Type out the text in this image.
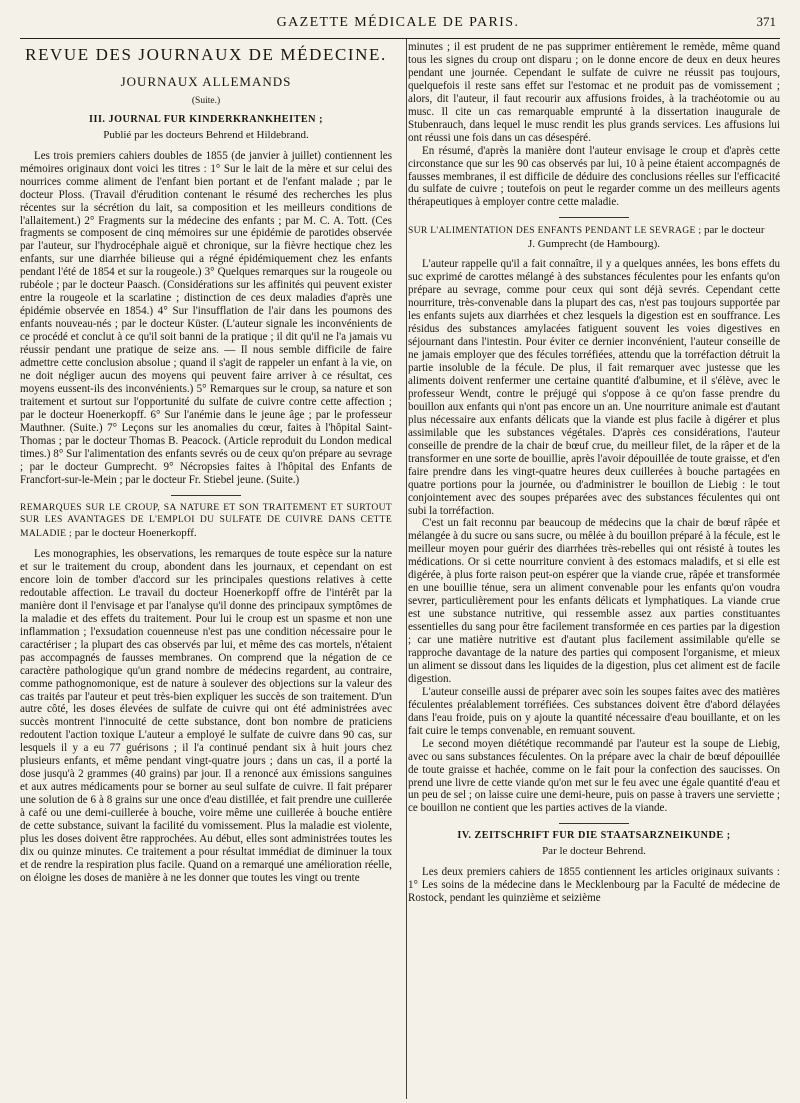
GAZETTE MÉDICALE DE PARIS.	371
REVUE DES JOURNAUX DE MÉDECINE.
JOURNAUX ALLEMANDS
(Suite.)
III. JOURNAL FUR KINDERKRANKHEITEN ;
Publié par les docteurs Behrend et Hildebrand.

Les trois premiers cahiers doubles de 1855 (de janvier à juillet) contiennent les mémoires originaux dont voici les titres : 1° Sur le lait de la mère et sur celui des nourrices comme aliment de l'enfant bien portant et de l'enfant malade ; par le docteur Ploss. (Travail d'érudition contenant le résumé des recherches les plus récentes sur la sécrétion du lait, sa composition et les meilleurs conditions de l'allaitement.) 2° Fragments sur la médecine des enfants ; par M. C. A. Tott. (Ces fragments se composent de cinq mémoires sur une épidémie de parotides observée par l'auteur, sur l'hydrocéphale aiguë et chronique, sur la fièvre hectique chez les enfants, sur une diarrhée bilieuse qui a régné épidémiquement chez les enfants pendant l'été de 1854 et sur la rougeole.) 3° Quelques remarques sur la rougeole ou rubéole ; par le docteur Paasch. (Considérations sur les affinités qui peuvent exister entre la rougeole et la scarlatine ; distinction de ces deux maladies d'après une épidémie observée en 1854.) 4° Sur l'insufflation de l'air dans les poumons des enfants nouveau-nés ; par le docteur Küster. (L'auteur signale les inconvénients de ce procédé et conclut à ce qu'il soit banni de la pratique ; il dit qu'il ne l'a jamais vu réussir pendant une pratique de seize ans. — Il nous semble difficile de faire admettre cette conclusion absolue ; quand il s'agit de rappeler un enfant à la vie, on ne doit négliger aucun des moyens qui peuvent faire arriver à ce résultat, ces moyens eussent-ils des inconvénients.) 5° Remarques sur le croup, sa nature et son traitement et surtout sur l'opportunité du sulfate de cuivre contre cette affection ; par le docteur Hoenerkopff. 6° Sur l'anémie dans le jeune âge ; par le professeur Mauthner. (Suite.) 7° Leçons sur les anomalies du cœur, faites à l'hôpital Saint-Thomas ; par le docteur Thomas B. Peacock. (Article reproduit du London medical times.) 8° Sur l'alimentation des enfants sevrés ou de ceux qu'on prépare au sevrage ; par le docteur Gumprecht. 9° Nécropsies faites à l'hôpital des Enfants de Francfort-sur-le-Mein ; par le docteur Fr. Stiebel jeune. (Suite.)

REMARQUES SUR LE CROUP, SA NATURE ET SON TRAITEMENT ET SURTOUT SUR LES AVANTAGES DE L'EMPLOI DU SULFATE DE CUIVRE DANS CETTE MALADIE ; par le docteur Hoenerkopff.

Les monographies, les observations, les remarques de toute espèce sur la nature et sur le traitement du croup, abondent dans les journaux, et cependant on est encore loin de tomber d'accord sur les principales questions relatives à cette redoutable affection. Le travail du docteur Hoenerkopff offre de l'intérêt par la manière dont il l'envisage et par l'analyse qu'il donne des principaux symptômes de la maladie et des effets du traitement. Pour lui le croup est un spasme et non une inflammation ; l'exsudation couenneuse n'est pas une condition nécessaire pour le caractériser ; la plupart des cas observés par lui, et même des cas mortels, n'étaient pas accompagnés de fausses membranes. On comprend que la négation de ce caractère pathologique qu'un grand nombre de médecins regardent, au contraire, comme pathognomonique, est de nature à soulever des objections sur la valeur des cas traités par l'auteur et peut très-bien expliquer les succès de son traitement. D'un autre côté, les doses élevées de sulfate de cuivre qui ont été administrées avec succès montrent l'innocuité de cette substance, dont bon nombre de praticiens redoutent l'action toxique L'auteur a employé le sulfate de cuivre dans 90 cas, sur lesquels il y a eu 77 guérisons ; il l'a continué pendant six à huit jours chez plusieurs enfants, et même pendant vingt-quatre jours ; dans un cas, il a porté la dose jusqu'à 2 grammes (40 grains) par jour. Il a renoncé aux émissions sanguines et aux autres médicaments pour se borner au seul sulfate de cuivre. Il fait préparer une solution de 6 à 8 grains sur une once d'eau distillée, et fait prendre une cuillerée à café ou une demi-cuillerée à bouche, voire même une cuillerée à bouche entière de cette substance, suivant la facilité du vomissement. Plus la maladie est violente, plus les doses doivent être rapprochées. Au début, elles sont administrées toutes les dix ou quinze minutes. Ce traitement a pour résultat immédiat de diminuer la toux et de rendre la respiration plus facile. Quand on a remarqué une amélioration réelle, on éloigne les doses de manière à ne les donner que toutes les vingt ou trente

minutes ; il est prudent de ne pas supprimer entièrement le remède, même quand tous les signes du croup ont disparu ; on le donne encore de deux en deux heures pendant une journée. Cependant le sulfate de cuivre ne réussit pas toujours, quelquefois il reste sans effet sur l'estomac et ne produit pas de vomissement ; alors, dit l'auteur, il faut recourir aux affusions froides, à la trachéotomie ou au musc. Il cite un cas remarquable emprunté à la dissertation inaugurale de Stubenrauch, dans lequel le musc rendit les plus grands services. Les affusions lui ont réussi une fois dans un cas désespéré.

En résumé, d'après la manière dont l'auteur envisage le croup et d'après cette circonstance que sur les 90 cas observés par lui, 10 à peine étaient accompagnés de fausses membranes, il est difficile de déduire des conclusions réelles sur l'efficacité du sulfate de cuivre ; toutefois on peut le regarder comme un des meilleurs agents thérapeutiques à employer contre cette maladie.

SUR L'ALIMENTATION DES ENFANTS PENDANT LE SEVRAGE ; par le docteur
J. Gumprecht (de Hambourg).

L'auteur rappelle qu'il a fait connaître, il y a quelques années, les bons effets du suc exprimé de carottes mélangé à des substances féculentes pour les enfants qu'on prépare au sevrage, comme pour ceux qui sont déjà sevrés. Cependant cette nourriture, très-convenable dans la plupart des cas, n'est pas toujours supportée par les enfants sujets aux diarrhées et chez lesquels la digestion est en souffrance. Les résidus des substances amylacées fatiguent souvent les voies digestives en séjournant dans l'intestin. Pour éviter ce dernier inconvénient, l'auteur conseille de ne jamais employer que des fécules torréfiées, attendu que la torréfaction détruit la partie insoluble de la fécule. De plus, il fait remarquer avec justesse que les aliments doivent renfermer une certaine quantité d'albumine, et il s'élève, avec le professeur Wendt, contre le préjugé qui s'oppose à ce qu'on fasse prendre du bouillon aux enfants qui n'ont pas encore un an. Une nourriture animale est d'autant plus nécessaire aux enfants délicats que la viande est plus facile à digérer et plus assimilable que les substances végétales. D'après ces considérations, l'auteur conseille de prendre de la chair de bœuf crue, du meilleur filet, de la râper et de la transformer en une sorte de bouillie, après l'avoir dépouillée de toute graisse, et d'en faire prendre dans les vingt-quatre heures deux cuillerées à bouche partagées en quatre portions pour la journée, ou d'administrer le bouillon de Liebig : le tout conjointement avec des soupes préparées avec des substances féculentes qui ont subi la torréfaction.

C'est un fait reconnu par beaucoup de médecins que la chair de bœuf râpée et mélangée à du sucre ou sans sucre, ou mêlée à du bouillon préparé à la fécule, est le meilleur moyen pour guérir des diarrhées très-rebelles qui ont résisté à toutes les médications. Or si cette nourriture convient à des estomacs maladifs, et si elle est digérée, à plus forte raison peut-on espérer que la viande crue, râpée et transformée en une bouillie ténue, sera un aliment convenable pour les enfants qu'on voudra sevrer, particulièrement pour les enfants délicats et lymphatiques. La viande crue est une substance nutritive, qui ressemble assez aux parties constituantes essentielles du sang pour être facilement transformée en ces parties par la digestion ; car une matière nutritive est d'autant plus facilement assimilable qu'elle se rapproche davantage de la nature des parties qui composent l'organisme, et mieux un aliment se dissout dans les liquides de la digestion, plus cet aliment est de facile digestion.

L'auteur conseille aussi de préparer avec soin les soupes faites avec des matières féculentes préalablement torréfiées. Ces substances doivent être d'abord délayées dans l'eau froide, puis on y ajoute la quantité nécessaire d'eau bouillante, et on les fait cuire le temps convenable, en remuant souvent.

Le second moyen diététique recommandé par l'auteur est la soupe de Liebig, avec ou sans substances féculentes. On la prépare avec la chair de bœuf dépouillée de toute graisse et hachée, comme on le fait pour la confection des saucisses. On prend une livre de cette viande qu'on met sur le feu avec une égale quantité d'eau et un peu de sel ; on laisse cuire une demi-heure, puis on passe à travers une serviette ; ce bouillon ne contient que les parties actives de la viande.

IV. ZEITSCHRIFT FUR DIE STAATSARZNEIKUNDE ;
Par le docteur Behrend.

Les deux premiers cahiers de 1855 contiennent les articles originaux suivants : 1° Les soins de la médecine dans le Mecklenbourg par la Faculté de médecine de Rostock, pendant les quinzième et seizième
